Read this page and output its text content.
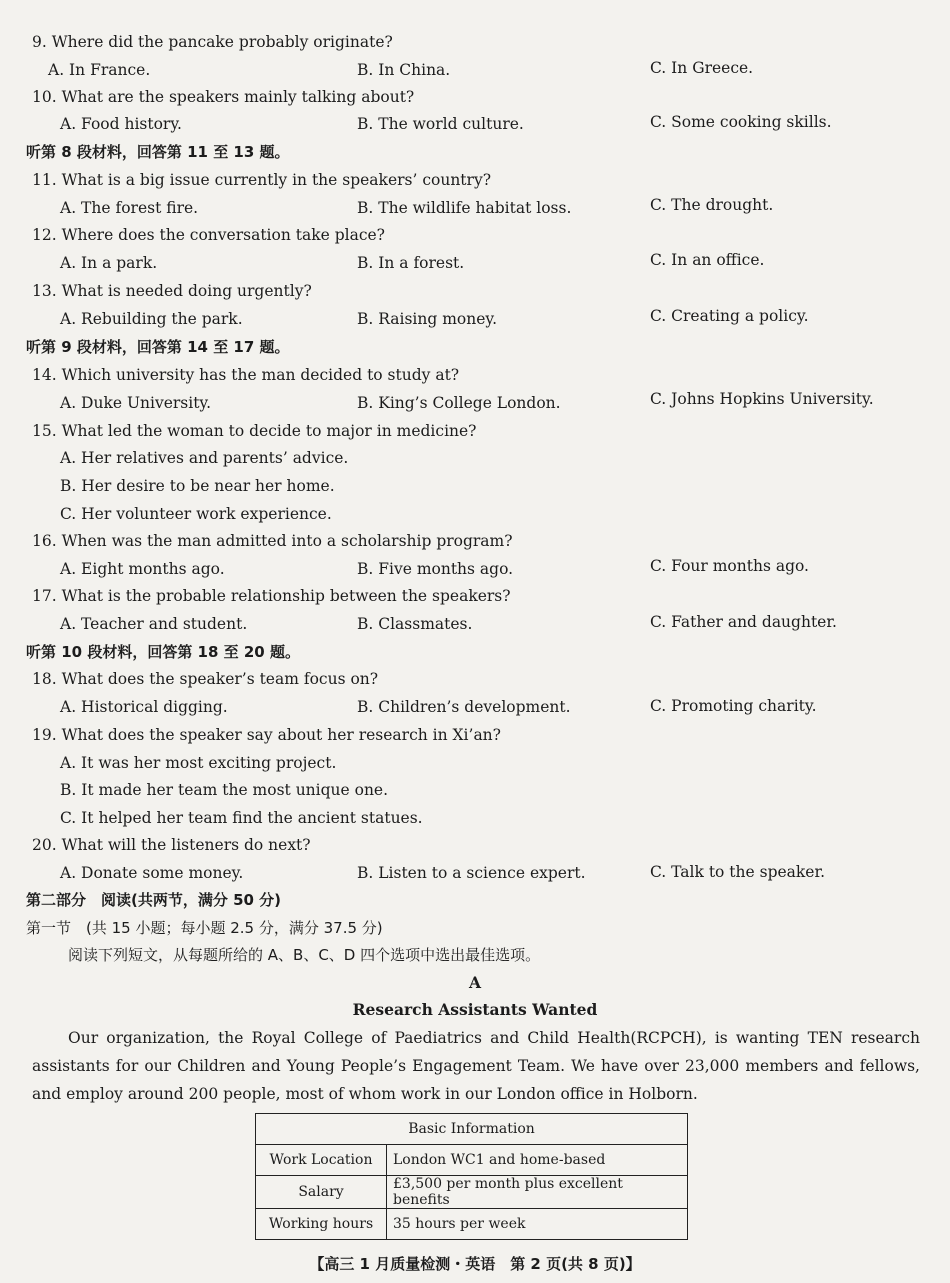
9. Where did the pancake probably originate?
A. In France.	B. In China.	C. In Greece.
10. What are the speakers mainly talking about?
A. Food history.	B. The world culture.	C. Some cooking skills.
听第 8 段材料，回答第 11 至 13 题。
11. What is a big issue currently in the speakers’ country?
A. The forest fire.	B. The wildlife habitat loss.	C. The drought.
12. Where does the conversation take place?
A. In a park.	B. In a forest.	C. In an office.
13. What is needed doing urgently?
A. Rebuilding the park.	B. Raising money.	C. Creating a policy.
听第 9 段材料，回答第 14 至 17 题。
14. Which university has the man decided to study at?
A. Duke University.	B. King’s College London.	C. Johns Hopkins University.
15. What led the woman to decide to major in medicine?
A. Her relatives and parents’ advice.
B. Her desire to be near her home.
C. Her volunteer work experience.
16. When was the man admitted into a scholarship program?
A. Eight months ago.	B. Five months ago.	C. Four months ago.
17. What is the probable relationship between the speakers?
A. Teacher and student.	B. Classmates.	C. Father and daughter.
听第 10 段材料，回答第 18 至 20 题。
18. What does the speaker’s team focus on?
A. Historical digging.	B. Children’s development.	C. Promoting charity.
19. What does the speaker say about her research in Xi’an?
A. It was her most exciting project.
B. It made her team the most unique one.
C. It helped her team find the ancient statues.
20. What will the listeners do next?
A. Donate some money.	B. Listen to a science expert.	C. Talk to the speaker.
第二部分　阅读(共两节，满分 50 分)
第一节　(共 15 小题；每小题 2.5 分，满分 37.5 分)
阅读下列短文，从每题所给的 A、B、C、D 四个选项中选出最佳选项。
A
Research Assistants Wanted
Our organization, the Royal College of Paediatrics and Child Health(RCPCH), is wanting TEN research assistants for our Children and Young People’s Engagement Team. We have over 23,000 members and fellows, and employ around 200 people, most of whom work in our London office in Holborn.
Basic Information	
Work Location	London WC1 and home-based
Salary	£3,500 per month plus excellent benefits
Working hours	35 hours per week
【高三 1 月质量检测・英语　第 2 页(共 8 页)】
